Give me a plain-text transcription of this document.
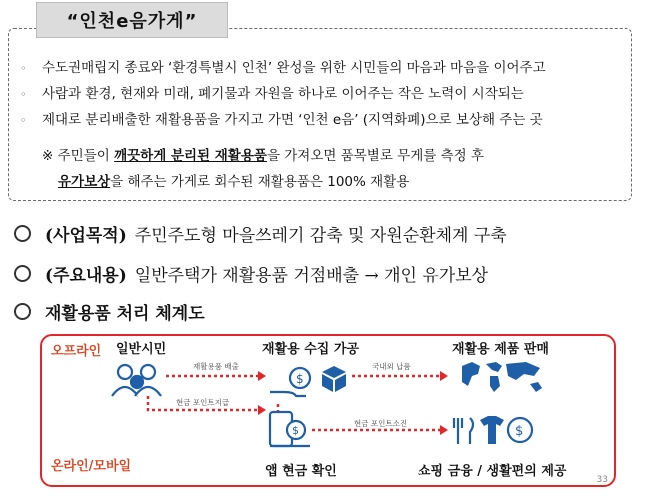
“인천e음가게”
◦ 수도권매립지 종료와 ‘환경특별시 인천’ 완성을 위한 시민들의 마음과 마음을 이어주고
◦ 사람과 환경, 현재와 미래, 폐기물과 자원을 하나로 이어주는 작은 노력이 시작되는
◦ 제대로 분리배출한 재활용품을 가지고 가면 ‘인천 e음’ (지역화폐)으로 보상해 주는 곳
※ 주민들이 깨끗하게 분리된 재활용품을 가져오면 품목별로 무게를 측정 후
유가보상을 해주는 가게로 회수된 재활용품은 100% 재활용
(사업목적) 주민주도형 마을쓰레기 감축 및 자원순환체계 구축
(주요내용) 일반주택가 재활용품 거점배출 → 개인 유가보상
재활용품 처리 체계도
오프라인
온라인/모바일
일반시민	재활용 수집 가공	재활용 제품 판매
앱 현금 확인	쇼핑 금융 / 생활편의 제공
재활용품 배출	국내외 납품
현금 포인트지급
현금 포인트소진
33
$
$	$
